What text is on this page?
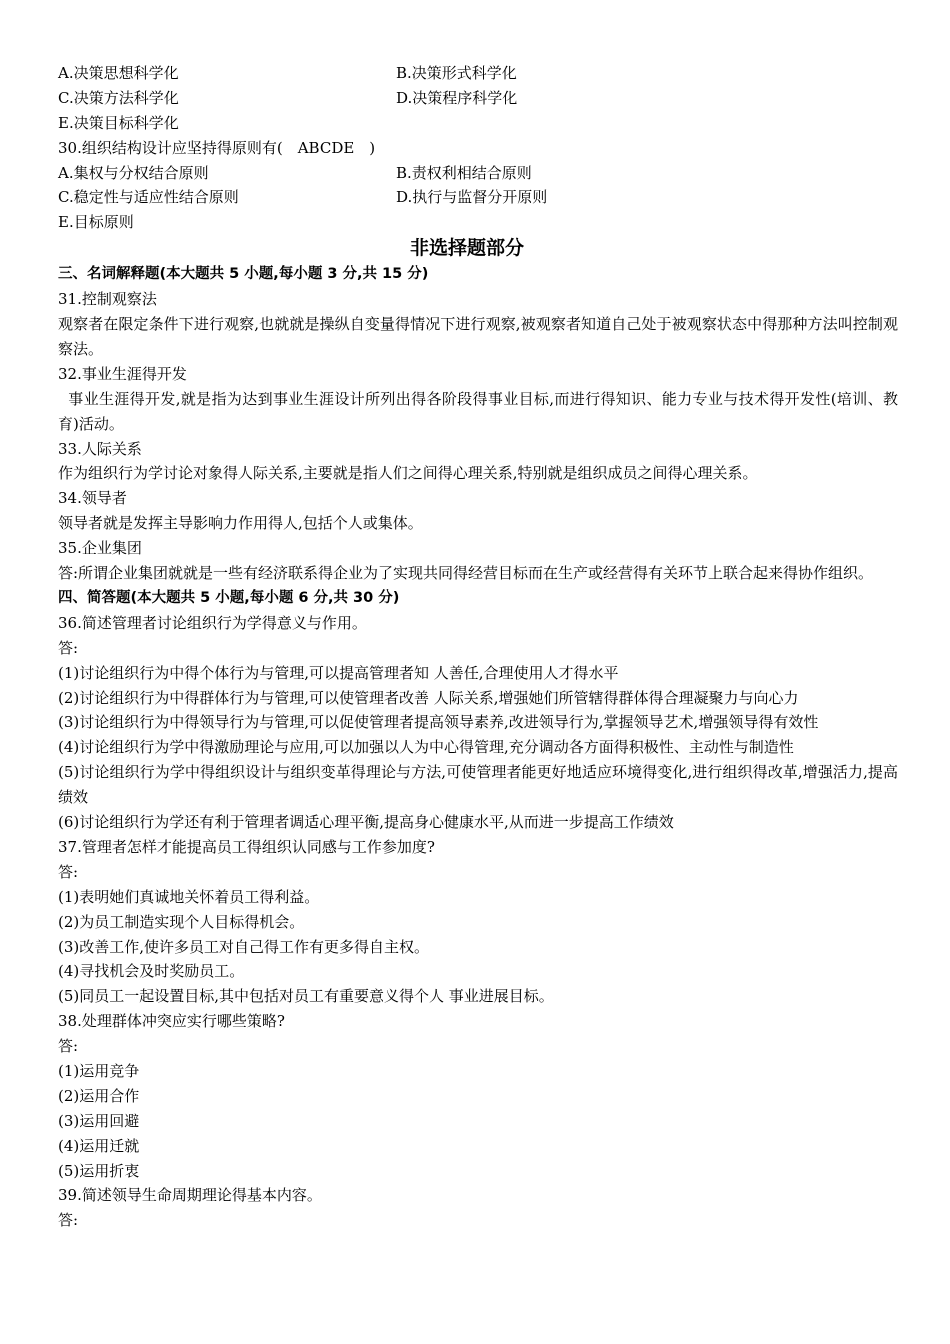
A.决策思想科学化	B.决策形式科学化
C.决策方法科学化	D.决策程序科学化
E.决策目标科学化
30.组织结构设计应坚持得原则有(　ABCDE　)
A.集权与分权结合原则	B.责权利相结合原则
C.稳定性与适应性结合原则	D.执行与监督分开原则
E.目标原则
非选择题部分
三、名词解释题(本大题共 5 小题,每小题 3 分,共 15 分)
31.控制观察法
观察者在限定条件下进行观察,也就就是操纵自变量得情况下进行观察,被观察者知道自己处于被观察状态中得那种方法叫控制观察法。
32.事业生涯得开发
事业生涯得开发,就是指为达到事业生涯设计所列出得各阶段得事业目标,而进行得知识、能力专业与技术得开发性(培训、教育)活动。
33.人际关系
作为组织行为学讨论对象得人际关系,主要就是指人们之间得心理关系,特别就是组织成员之间得心理关系。
34.领导者
领导者就是发挥主导影响力作用得人,包括个人或集体。
35.企业集团
答:所谓企业集团就就是一些有经济联系得企业为了实现共同得经营目标而在生产或经营得有关环节上联合起来得协作组织。
四、简答题(本大题共 5 小题,每小题 6 分,共 30 分)
36.简述管理者讨论组织行为学得意义与作用。
答:
(1)讨论组织行为中得个体行为与管理,可以提高管理者知 人善任,合理使用人才得水平
(2)讨论组织行为中得群体行为与管理,可以使管理者改善 人际关系,增强她们所管辖得群体得合理凝聚力与向心力
(3)讨论组织行为中得领导行为与管理,可以促使管理者提高领导素养,改进领导行为,掌握领导艺术,增强领导得有效性
(4)讨论组织行为学中得激励理论与应用,可以加强以人为中心得管理,充分调动各方面得积极性、主动性与制造性
(5)讨论组织行为学中得组织设计与组织变革得理论与方法,可使管理者能更好地适应环境得变化,进行组织得改革,增强活力,提高绩效
(6)讨论组织行为学还有利于管理者调适心理平衡,提高身心健康水平,从而进一步提高工作绩效
37.管理者怎样才能提高员工得组织认同感与工作参加度?
答:
(1)表明她们真诚地关怀着员工得利益。
(2)为员工制造实现个人目标得机会。
(3)改善工作,使许多员工对自己得工作有更多得自主权。
(4)寻找机会及时奖励员工。
(5)同员工一起设置目标,其中包括对员工有重要意义得个人 事业进展目标。
38.处理群体冲突应实行哪些策略?
答:
(1)运用竞争
(2)运用合作
(3)运用回避
(4)运用迁就
(5)运用折衷
39.简述领导生命周期理论得基本内容。
答:
